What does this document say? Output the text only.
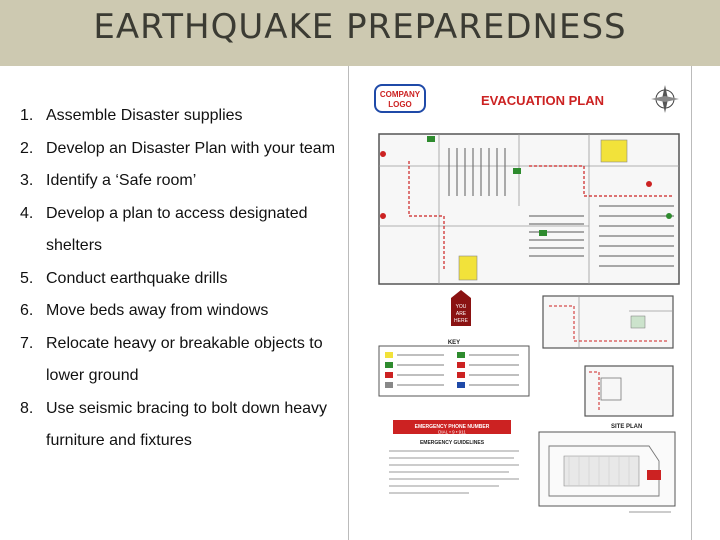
EARTHQUAKE PREPAREDNESS
1. Assemble Disaster supplies
2. Develop an Disaster Plan with your team
3. Identify a ‘Safe room’
4. Develop a plan to access designated shelters
5. Conduct earthquake drills
6. Move beds away from windows
7. Relocate heavy or breakable objects to lower ground
8. Use seismic bracing to bolt down heavy furniture and fixtures
COMPANY
LOGO	EVACUATION PLAN
YOU
ARE
HERE
KEY
EMERGENCY PHONE NUMBER
DIAL • 9 • 911
EMERGENCY GUIDELINES
SITE PLAN
